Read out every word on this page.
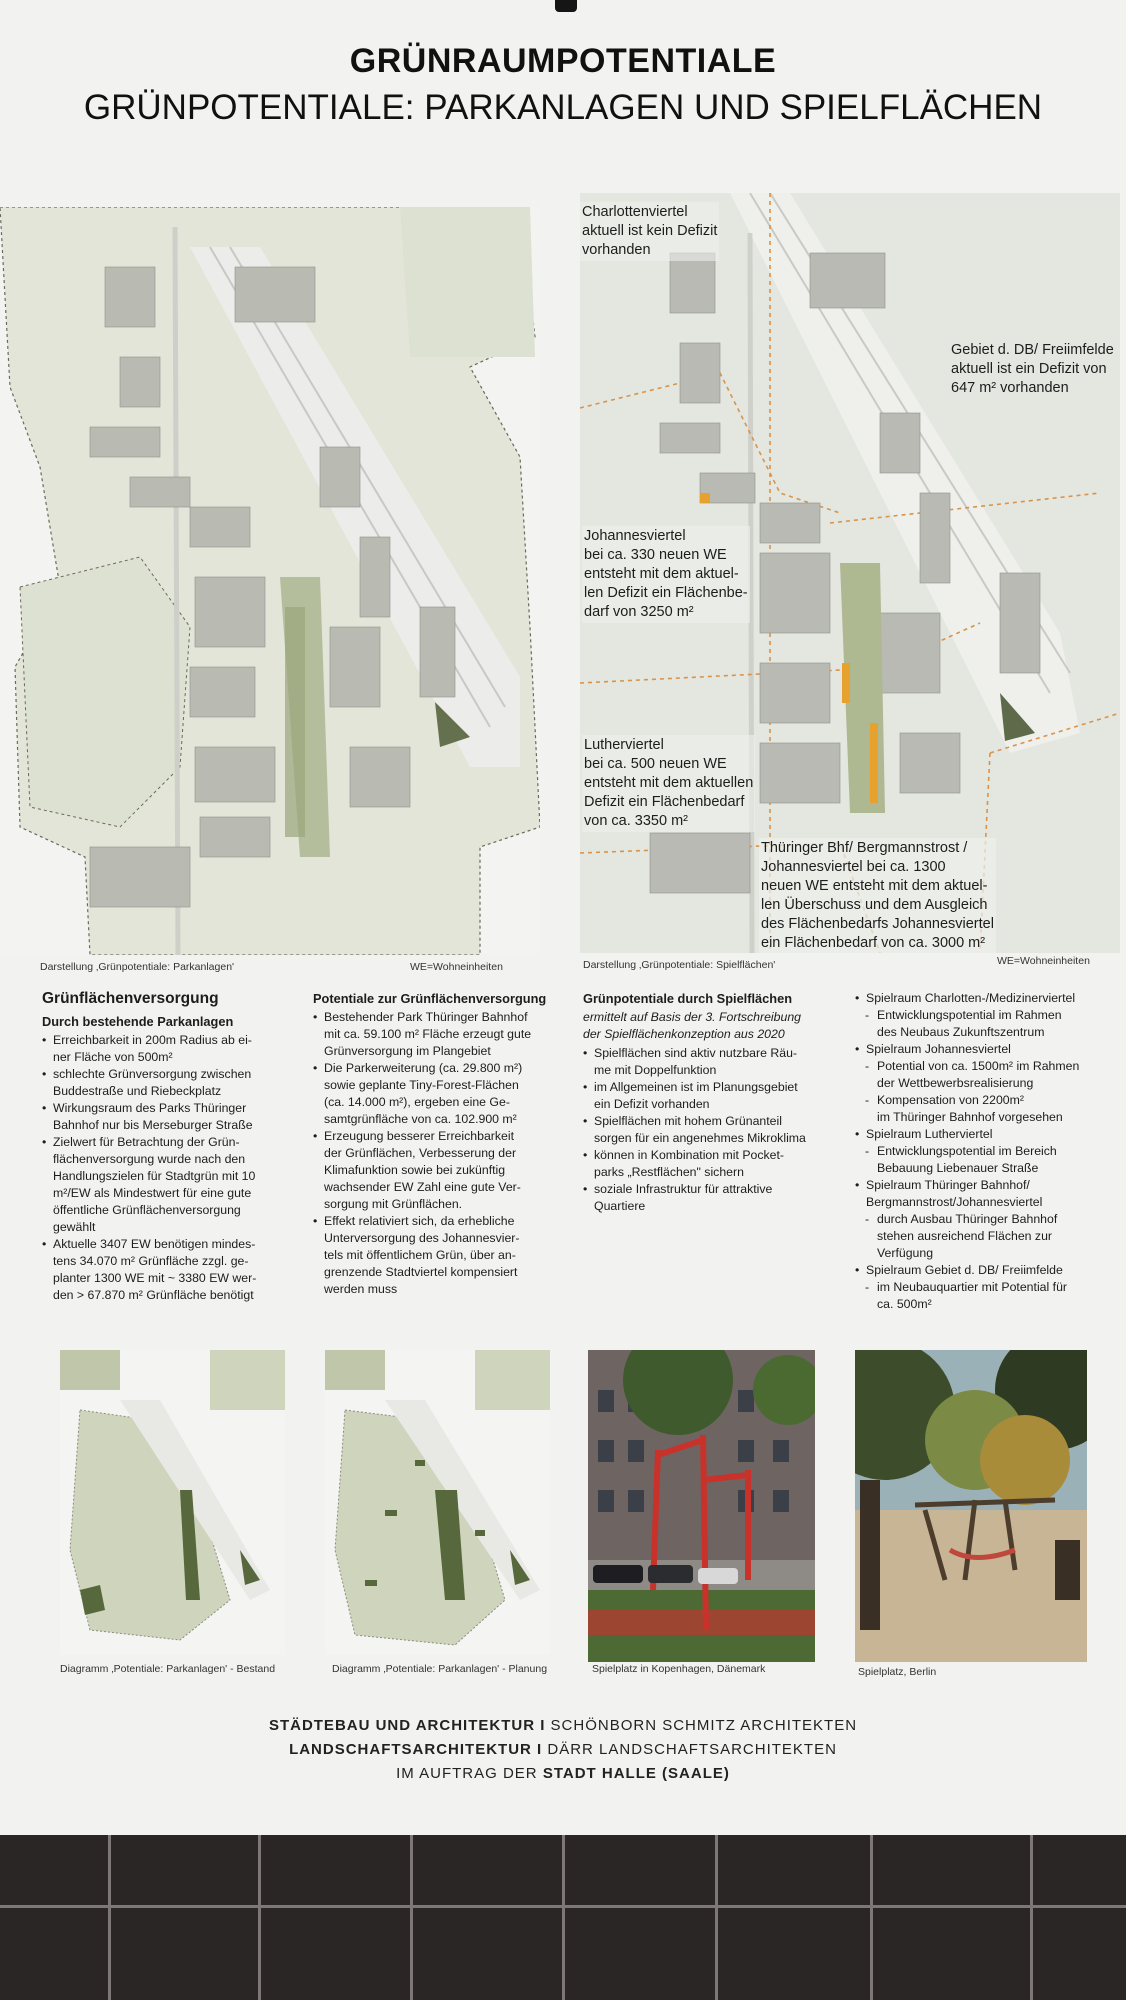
GRÜNRAUMPOTENTIALE
GRÜNPOTENTIALE: PARKANLAGEN UND SPIELFLÄCHEN
Darstellung ‚Grünpotentiale: Parkanlagen'	WE=Wohneinheiten
Charlottenviertel
aktuell ist kein Defizit
vorhanden
Gebiet d. DB/ Freiimfelde
aktuell ist ein Defizit von
647 m² vorhanden
Johannesviertel
bei ca. 330 neuen WE
entsteht mit dem aktuel-
len Defizit ein Flächenbe-
darf von 3250 m²
Lutherviertel
bei ca. 500 neuen WE
entsteht mit dem aktuellen
Defizit ein Flächenbedarf
von ca. 3350 m²
Thüringer Bhf/ Bergmannstrost /
Johannesviertel bei ca. 1300
neuen WE entsteht mit dem aktuel-
len Überschuss und dem Ausgleich
des Flächenbedarfs Johannesviertel
ein Flächenbedarf von ca. 3000 m²
Darstellung ‚Grünpotentiale: Spielflächen'	WE=Wohneinheiten
Grünflächenversorgung
Durch bestehende Parkanlagen
• Erreichbarkeit in 200m Radius ab ei-
ner Fläche von 500m²
• schlechte Grünversorgung zwischen
Buddestraße und Riebeckplatz
• Wirkungsraum des Parks Thüringer
Bahnhof nur bis Merseburger Straße
• Zielwert für Betrachtung der Grün-
flächenversorgung wurde nach den
Handlungszielen für Stadtgrün mit 10
m²/EW als Mindestwert für eine gute
öffentliche Grünflächenversorgung
gewählt
• Aktuelle 3407 EW benötigen mindes-
tens 34.070 m² Grünfläche zzgl. ge-
planter 1300 WE mit ~ 3380 EW wer-
den > 67.870 m² Grünfläche benötigt
Potentiale zur Grünflächenversorgung
• Bestehender Park Thüringer Bahnhof
mit ca. 59.100 m² Fläche erzeugt gute
Grünversorgung im Plangebiet
• Die Parkerweiterung (ca. 29.800 m²)
sowie geplante Tiny-Forest-Flächen
(ca. 14.000 m²), ergeben eine Ge-
samtgrünfläche von ca. 102.900 m²
• Erzeugung besserer Erreichbarkeit
der Grünflächen, Verbesserung der
Klimafunktion sowie bei zukünftig
wachsender EW Zahl eine gute Ver-
sorgung mit Grünflächen.
• Effekt relativiert sich, da erhebliche
Unterversorgung des Johannesvier-
tels mit öffentlichem Grün, über an-
grenzende Stadtviertel kompensiert
werden muss
Grünpotentiale durch Spielflächen
ermittelt auf Basis der 3. Fortschreibung
der Spielflächenkonzeption aus 2020
• Spielflächen sind aktiv nutzbare Räu-
me mit Doppelfunktion
• im Allgemeinen ist im Planungsgebiet
ein Defizit vorhanden
• Spielflächen mit hohem Grünanteil
sorgen für ein angenehmes Mikroklima
• können in Kombination mit Pocket-
parks „Restflächen" sichern
• soziale Infrastruktur für attraktive
Quartiere
• Spielraum Charlotten-/Medizinerviertel
- Entwicklungspotential im Rahmen
des Neubaus Zukunftszentrum
• Spielraum Johannesviertel
- Potential von ca. 1500m² im Rahmen
der Wettbewerbsrealisierung
- Kompensation von 2200m²
im Thüringer Bahnhof vorgesehen
• Spielraum Lutherviertel
- Entwicklungspotential im Bereich
Bebauung Liebenauer Straße
• Spielraum Thüringer Bahnhof/
Bergmannstrost/Johannesviertel
- durch Ausbau Thüringer Bahnhof
stehen ausreichend Flächen zur
Verfügung
• Spielraum Gebiet d. DB/ Freiimfelde
- im Neubauquartier mit Potential für
ca. 500m²
Diagramm ‚Potentiale: Parkanlagen' - Bestand	Diagramm ‚Potentiale: Parkanlagen' - Planung	Spielplatz in Kopenhagen, Dänemark	Spielplatz, Berlin
STÄDTEBAU UND ARCHITEKTUR I SCHÖNBORN SCHMITZ ARCHITEKTEN
LANDSCHAFTSARCHITEKTUR I DÄRR LANDSCHAFTSARCHITEKTEN
IM AUFTRAG DER STADT HALLE (SAALE)
